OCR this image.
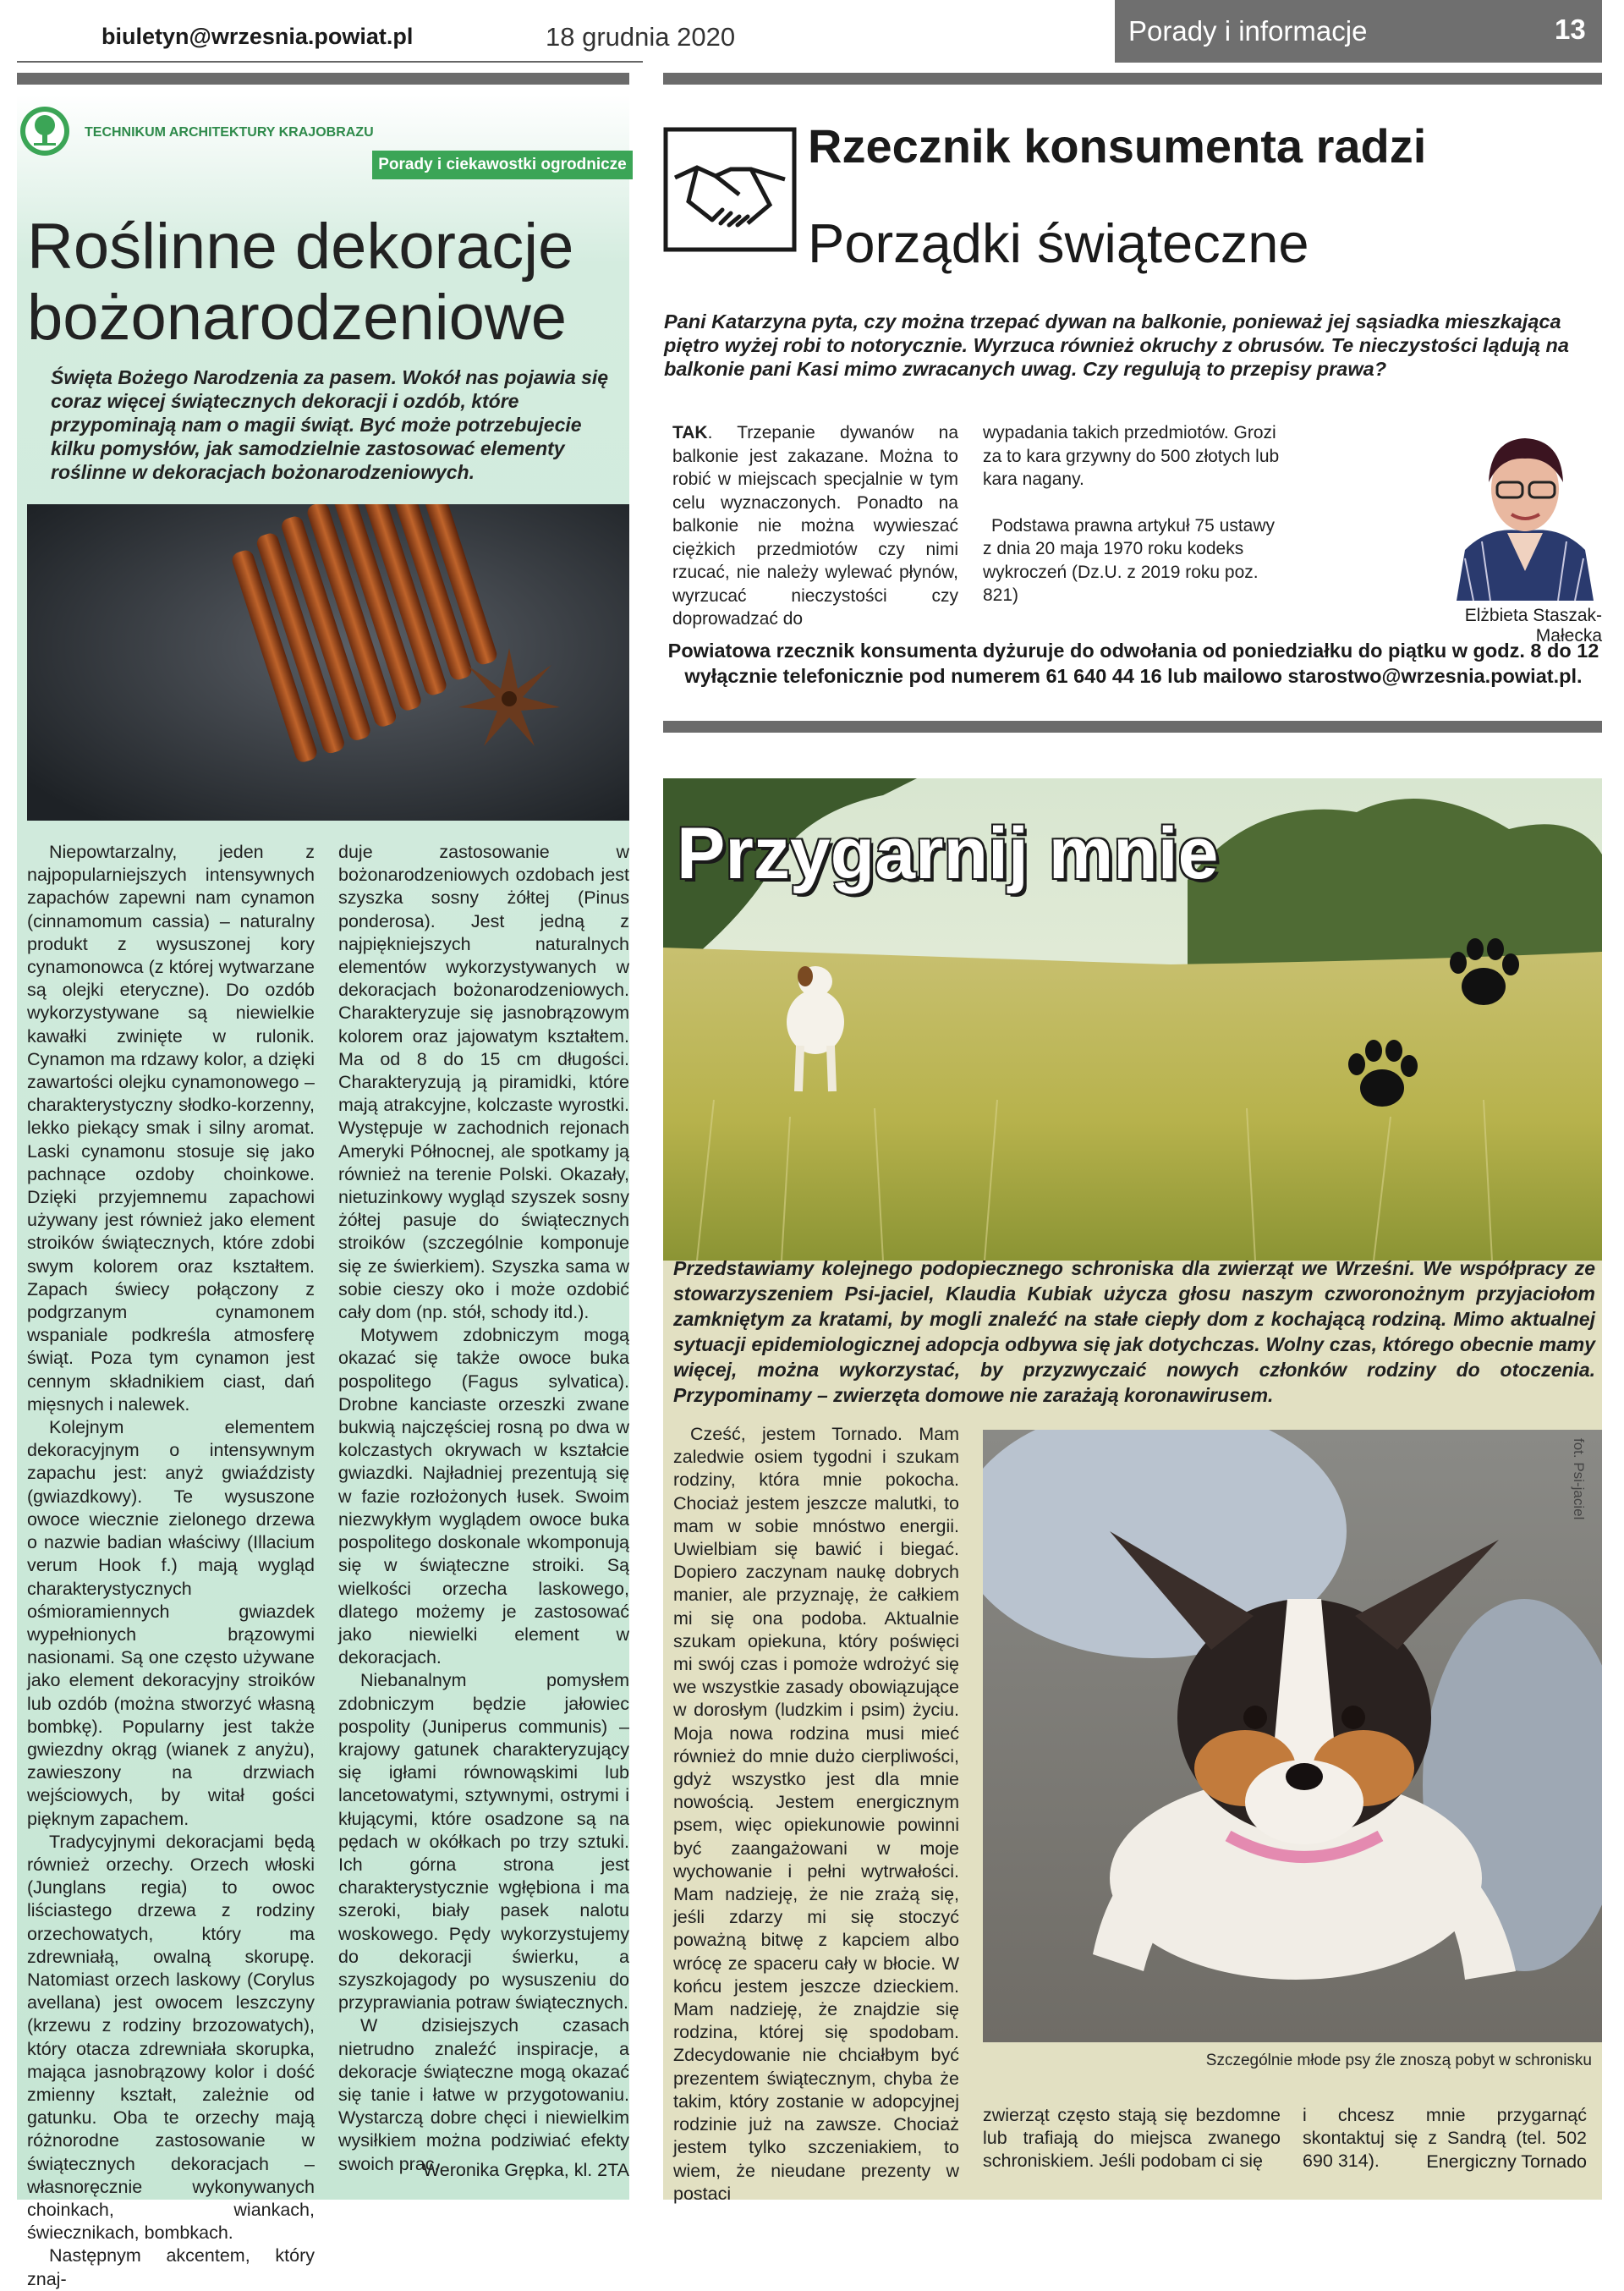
biuletyn@wrzesnia.powiat.pl	18 grudnia 2020	Porady i informacje	13
TECHNIKUM ARCHITEKTURY KRAJOBRAZU
Porady i ciekawostki ogrodnicze
Roślinne dekoracje
bożonarodzeniowe
Święta Bożego Narodzenia za pasem. Wokół nas pojawia się coraz więcej świątecznych dekoracji i ozdób, które przypominają nam o magii świąt. Być może potrzebujecie kilku pomysłów, jak samodzielnie zastosować elementy roślinne w dekoracjach bożonarodzeniowych.

Niepowtarzalny, jeden z najpopularniejszych intensywnych zapachów zapewni nam cynamon (cinnamomum cassia) – naturalny produkt z wysuszonej kory cynamonowca (z której wytwarzane są olejki eteryczne). Do ozdób wykorzystywane są niewielkie kawałki zwinięte w rulonik. Cynamon ma rdzawy kolor, a dzięki zawartości olejku cynamonowego – charakterystyczny słodko-korzenny, lekko piekący smak i silny aromat. Laski cynamonu stosuje się jako pachnące ozdoby choinkowe. Dzięki przyjemnemu zapachowi używany jest również jako element stroików świątecznych, które zdobi swym kolorem oraz kształtem. Zapach świecy połączony z podgrzanym cynamonem wspaniale podkreśla atmosferę świąt. Poza tym cynamon jest cennym składnikiem ciast, dań mięsnych i nalewek.

Kolejnym elementem dekoracyjnym o intensywnym zapachu jest: anyż gwiaździsty (gwiazdkowy). Te wysuszone owoce wiecznie zielonego drzewa o nazwie badian właściwy (Illacium verum Hook f.) mają wygląd charakterystycznych ośmioramiennych gwiazdek wypełnionych brązowymi nasionami. Są one często używane jako element dekoracyjny stroików lub ozdób (można stworzyć własną bombkę). Popularny jest także gwiezdny okrąg (wianek z anyżu), zawieszony na drzwiach wejściowych, by witał gości pięknym zapachem.

Tradycyjnymi dekoracjami będą również orzechy. Orzech włoski (Junglans regia) to owoc liściastego drzewa z rodziny orzechowatych, który ma zdrewniałą, owalną skorupę. Natomiast orzech laskowy (Corylus avellana) jest owocem leszczyny (krzewu z rodziny brzozowatych), który otacza zdrewniała skorupka, mająca jasnobrązowy kolor i dość zmienny kształt, zależnie od gatunku. Oba te orzechy mają różnorodne zastosowanie w świątecznych dekoracjach – własnoręcznie wykonywanych choinkach, wiankach, świecznikach, bombkach.

Następnym akcentem, który znaj-

duje zastosowanie w bożonarodzeniowych ozdobach jest szyszka sosny żółtej (Pinus ponderosa). Jest jedną z najpiękniejszych naturalnych elementów wykorzystywanych w dekoracjach bożonarodzeniowych. Charakteryzuje się jasnobrązowym kolorem oraz jajowatym kształtem. Ma od 8 do 15 cm długości. Charakteryzują ją piramidki, które mają atrakcyjne, kolczaste wyrostki. Występuje w zachodnich rejonach Ameryki Północnej, ale spotkamy ją również na terenie Polski. Okazały, nietuzinkowy wygląd szyszek sosny żółtej pasuje do świątecznych stroików (szczególnie komponuje się ze świerkiem). Szyszka sama w sobie cieszy oko i może ozdobić cały dom (np. stół, schody itd.).

Motywem zdobniczym mogą okazać się także owoce buka pospolitego (Fagus sylvatica). Drobne kanciaste orzeszki zwane bukwią najczęściej rosną po dwa w kolczastych okrywach w kształcie gwiazdki. Najładniej prezentują się w fazie rozłożonych łusek. Swoim niezwykłym wyglądem owoce buka pospolitego doskonale wkomponują się w świąteczne stroiki. Są wielkości orzecha laskowego, dlatego możemy je zastosować jako niewielki element w dekoracjach.

Niebanalnym pomysłem zdobniczym będzie jałowiec pospolity (Juniperus communis) – krajowy gatunek charakteryzujący się igłami równowąskimi lub lancetowatymi, sztywnymi, ostrymi i kłującymi, które osadzone są na pędach w okółkach po trzy sztuki. Ich górna strona jest charakterystycznie wgłębiona i ma szeroki, biały pasek nalotu woskowego. Pędy wykorzystujemy do dekoracji świerku, a szyszkojagody po wysuszeniu do przyprawiania potraw świątecznych.

W dzisiejszych czasach nietrudno znaleźć inspiracje, a dekoracje świąteczne mogą okazać się tanie i łatwe w przygotowaniu. Wystarczą dobre chęci i niewielkim wysiłkiem można podziwiać efekty swoich prac.

Weronika Grępka, kl. 2TA
Rzecznik konsumenta radzi
Porządki świąteczne
Pani Katarzyna pyta, czy można trzepać dywan na balkonie, ponieważ jej sąsiadka mieszkająca piętro wyżej robi to notorycznie. Wyrzuca również okruchy z obrusów. Te nieczystości lądują na balkonie pani Kasi mimo zwracanych uwag. Czy regulują to przepisy prawa?

TAK. Trzepanie dywanów na balkonie jest zakazane. Można to robić w miejscach specjalnie w tym celu wyznaczonych. Ponadto na balkonie nie można wywieszać ciężkich przedmiotów czy nimi rzucać, nie należy wylewać płynów, wyrzucać nieczystości czy doprowadzać do

wypadania takich przedmiotów. Grozi za to kara grzywny do 500 złotych lub kara nagany.

Podstawa prawna artykuł 75 ustawy z dnia 20 maja 1970 roku kodeks wykroczeń (Dz.U. z 2019 roku poz. 821)

Elżbieta Staszak-Małecka
Powiatowa rzecznik konsumenta dyżuruje do odwołania od poniedziałku do piątku w godz. 8 do 12 wyłącznie telefonicznie pod numerem 61 640 44 16 lub mailowo starostwo@wrzesnia.powiat.pl.
Przygarnij mnie
Przedstawiamy kolejnego podopiecznego schroniska dla zwierząt we Wrześni. We współpracy ze stowarzyszeniem Psi-jaciel, Klaudia Kubiak użycza głosu naszym czworonożnym przyjaciołom zamkniętym za kratami, by mogli znaleźć na stałe ciepły dom z kochającą rodziną. Mimo aktualnej sytuacji epidemiologicznej adopcja odbywa się jak dotychczas. Wolny czas, którego obecnie mamy więcej, można wykorzystać, by przyzwyczaić nowych członków rodziny do otoczenia. Przypominamy – zwierzęta domowe nie zarażają koronawirusem.

Cześć, jestem Tornado. Mam zaledwie osiem tygodni i szukam rodziny, która mnie pokocha. Chociaż jestem jeszcze malutki, to mam w sobie mnóstwo energii. Uwielbiam się bawić i biegać. Dopiero zaczynam naukę dobrych manier, ale przyznaję, że całkiem mi się ona podoba. Aktualnie szukam opiekuna, który poświęci mi swój czas i pomoże wdrożyć się we wszystkie zasady obowiązujące w dorosłym (ludzkim i psim) życiu. Moja nowa rodzina musi mieć również do mnie dużo cierpliwości, gdyż wszystko jest dla mnie nowością. Jestem energicznym psem, więc opiekunowie powinni być zaangażowani w moje wychowanie i pełni wytrwałości. Mam nadzieję, że nie zrażą się, jeśli zdarzy mi się stoczyć poważną bitwę z kapciem albo wrócę ze spaceru cały w błocie. W końcu jestem jeszcze dzieckiem. Mam nadzieję, że znajdzie się rodzina, której się spodobam. Zdecydowanie nie chciałbym być prezentem świątecznym, chyba że takim, który zostanie w adopcyjnej rodzinie już na zawsze. Chociaż jestem tylko szczeniakiem, to wiem, że nieudane prezenty w postaci

fot. Psi-jaciel
Szczególnie młode psy źle znoszą pobyt w schronisku

zwierząt często stają się bezdomne lub trafiają do miejsca zwanego schroniskiem. Jeśli podobam ci się

i chcesz mnie przygarnąć skontaktuj się z Sandrą (tel. 502 690 314).	Energiczny Tornado
